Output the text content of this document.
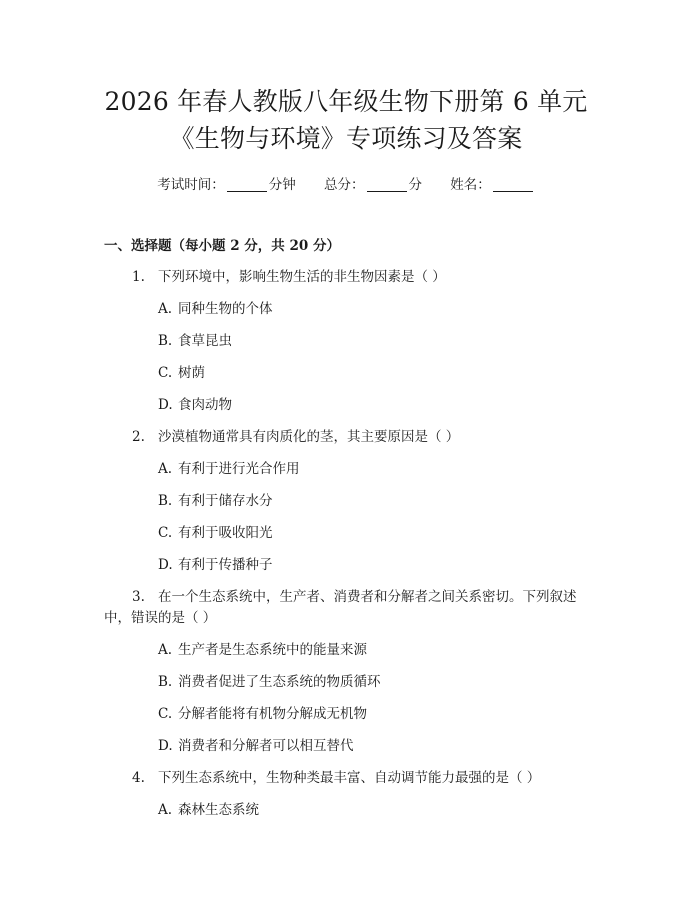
2026 年春人教版八年级生物下册第 6 单元
《生物与环境》专项练习及答案
考试时间：	分钟 总分：	分 姓名：
一、选择题（每小题 2 分，共 20 分）
1. 下列环境中，影响生物生活的非生物因素是（ ）
A. 同种生物的个体
B. 食草昆虫
C. 树荫
D. 食肉动物
2. 沙漠植物通常具有肉质化的茎，其主要原因是（ ）
A. 有利于进行光合作用
B. 有利于储存水分
C. 有利于吸收阳光
D. 有利于传播种子
3. 在一个生态系统中，生产者、消费者和分解者之间关系密切。下列叙述中，错误的是（ ）
A. 生产者是生态系统中的能量来源
B. 消费者促进了生态系统的物质循环
C. 分解者能将有机物分解成无机物
D. 消费者和分解者可以相互替代
4. 下列生态系统中，生物种类最丰富、自动调节能力最强的是（ ）
A. 森林生态系统
